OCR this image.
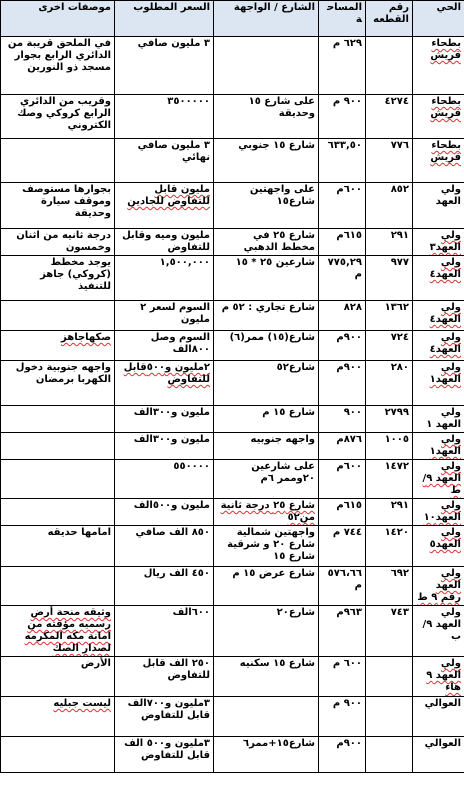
الحي	رقم القطعه	المساحة	الشارع / الواجهة	السعر المطلوب	موصفات اخرى
بطحاء قريش		٦٢٩ م		٣ مليون صافي	في الملحق قريبة من الدائري الرابع بجوار مسجد ذو النورين
بطحاء قريش	٤٢٧٤	٩٠٠ م	على شارع ١٥ وحديقة	٣٥٠٠٠٠٠	وقريب من الدائري الرابع كروكي وصك الكتروني
بطحاء قريش	٧٧٦	٦٣٣,٥٠	شارع ١٥ جنوبي	٣ مليون صافي نهائي	
ولي العهد	٨٥٢	٦٠٠م	على واجهتين شارع١٥	مليون قابل للتفاوض للجادين	بجوارها مستوصف وموقف سيارة وحديقة
ولي العهد٣	٢٩١	٦١٥م	شارع ٢٥ في مخطط الدهبي	مليون وميه وقابل للتفاوض	درجة ثانيه من اثنان وخمسون
ولي العهد٤	٩٧٧	٧٧٥,٢٩م	شارعين ٢٥ * ١٥	١,٥٠٠,٠٠٠	يوجد مخطط (كروكي) جاهز للتنفيذ
ولي العهد٤	١٣٦٢	٨٢٨	شارع تجاري : ٥٢ م	السوم لسعر ٢ مليون	
ولي العهد٤	٧٢٤	٩٠٠م	شارع(١٥) ممر(٦)	السوم وصل ٨٠٠الف	صكهاجاهز
ولي العهد١	٢٨٠	٩٠٠م	شارع٥٢	٢مليون و٥٠٠قابل للتفاوض	واجهه جنوبية دخول الكهربا برمضان
ولي العهد ١	٢٧٩٩	٩٠٠	شارع ١٥ م	مليون و٣٠٠الف	
ولي العهد١	١٠٠٥	٨٧٦م	واجهه جنوبيه	مليون و٣٠٠الف	
ولي العهد ٩/ط	١٤٧٢	٦٠٠م	على شارعين ٢٠وممر ٦م	٥٥٠٠٠٠	
ولي العهد١٠	٢٩١	٦١٥م	شارع ٢٥ درجة ثانية من٥٢	مليون و٥٠٠الف	
ولي العهد٥	١٤٢٠	٧٤٤ م	واجهتين شمالية شارع ٢٠ و شرقية شارع ١٥	٨٥٠ الف صافي	امامها حديقه
ولي العهد رقم ٩ ط	٦٩٢	٥٧٦،٦٦ م	شارع عرض ١٥ م	٤٥٠ الف ريال	
ولي العهد ٩/ب	٧٤٣	٩٦٣م	شارع٢٠	٦٠٠الف	وثيقه منحة أرض رسميه مؤقته من امانة مكه المكرمه لصدار الصك
ولي العهد ٩ هاء		٦٠٠ م	شارع ١٥ سكنيه	٢٥٠ الف قابل للتفاوض	الأرض
العوالي		٩٠٠ م		٣مليون و٧٠٠الف قابل للتفاوض	ليست جبليه
العوالي		٩٠٠م	شارع١٥+ممر٦	٣مليون و٥٠٠ الف قابل للتفاوض	
